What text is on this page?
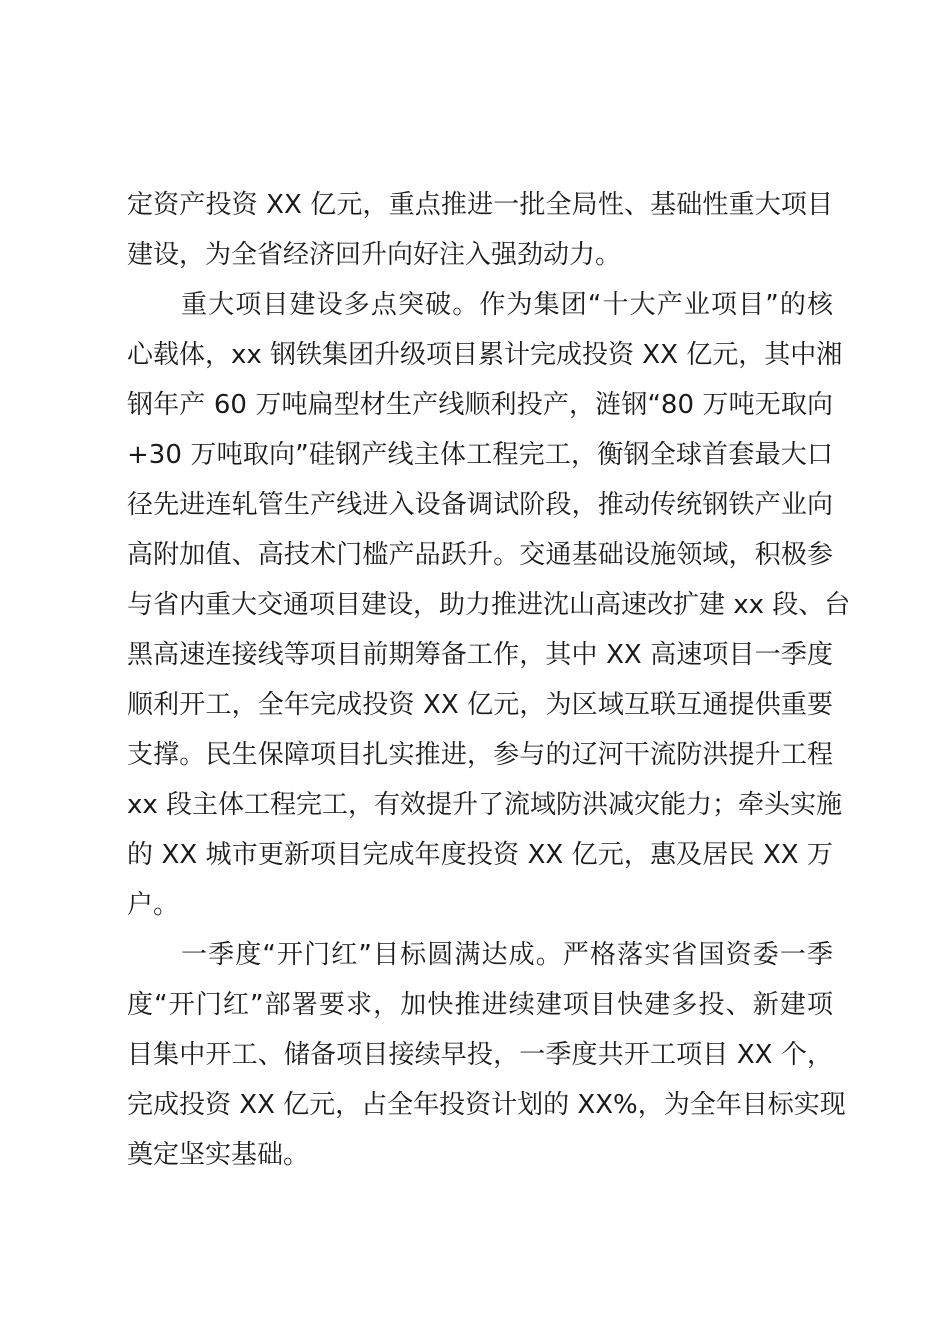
定资产投资 XX 亿元，重点推进一批全局性、基础性重大项目
建设，为全省经济回升向好注入强劲动力。
重大项目建设多点突破。作为集团“十大产业项目”的核
心载体，xx 钢铁集团升级项目累计完成投资 XX 亿元，其中湘
钢年产 60 万吨扁型材生产线顺利投产，涟钢“80 万吨无取向
+30 万吨取向”硅钢产线主体工程完工，衡钢全球首套最大口
径先进连轧管生产线进入设备调试阶段，推动传统钢铁产业向
高附加值、高技术门槛产品跃升。交通基础设施领域，积极参
与省内重大交通项目建设，助力推进沈山高速改扩建 xx 段、台
黑高速连接线等项目前期筹备工作，其中 XX 高速项目一季度
顺利开工，全年完成投资 XX 亿元，为区域互联互通提供重要
支撑。民生保障项目扎实推进，参与的辽河干流防洪提升工程
xx 段主体工程完工，有效提升了流域防洪减灾能力；牵头实施
的 XX 城市更新项目完成年度投资 XX 亿元，惠及居民 XX 万
户。
一季度“开门红”目标圆满达成。严格落实省国资委一季
度“开门红”部署要求，加快推进续建项目快建多投、新建项
目集中开工、储备项目接续早投，一季度共开工项目 XX 个，
完成投资 XX 亿元，占全年投资计划的 XX%，为全年目标实现
奠定坚实基础。
